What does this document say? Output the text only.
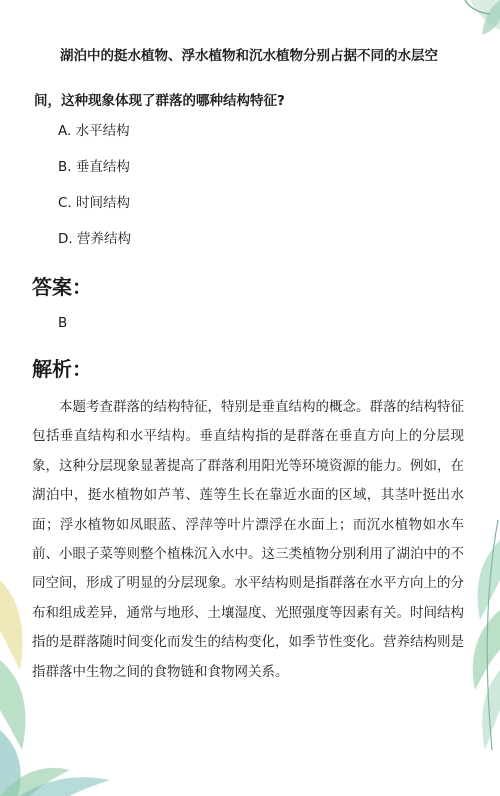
湖泊中的挺水植物、浮水植物和沉水植物分别占据不同的水层空间，这种现象体现了群落的哪种结构特征?

A. 水平结构
B. 垂直结构
C. 时间结构
D. 营养结构
答案：
B
解析：

本题考查群落的结构特征，特别是垂直结构的概念。群落的结构特征包括垂直结构和水平结构。垂直结构指的是群落在垂直方向上的分层现象，这种分层现象显著提高了群落利用阳光等环境资源的能力。例如，在湖泊中，挺水植物如芦苇、莲等生长在靠近水面的区域，其茎叶挺出水面；浮水植物如凤眼蓝、浮萍等叶片漂浮在水面上；而沉水植物如水车前、小眼子菜等则整个植株沉入水中。这三类植物分别利用了湖泊中的不同空间，形成了明显的分层现象。水平结构则是指群落在水平方向上的分布和组成差异，通常与地形、土壤湿度、光照强度等因素有关。时间结构指的是群落随时间变化而发生的结构变化，如季节性变化。营养结构则是指群落中生物之间的食物链和食物网关系。
